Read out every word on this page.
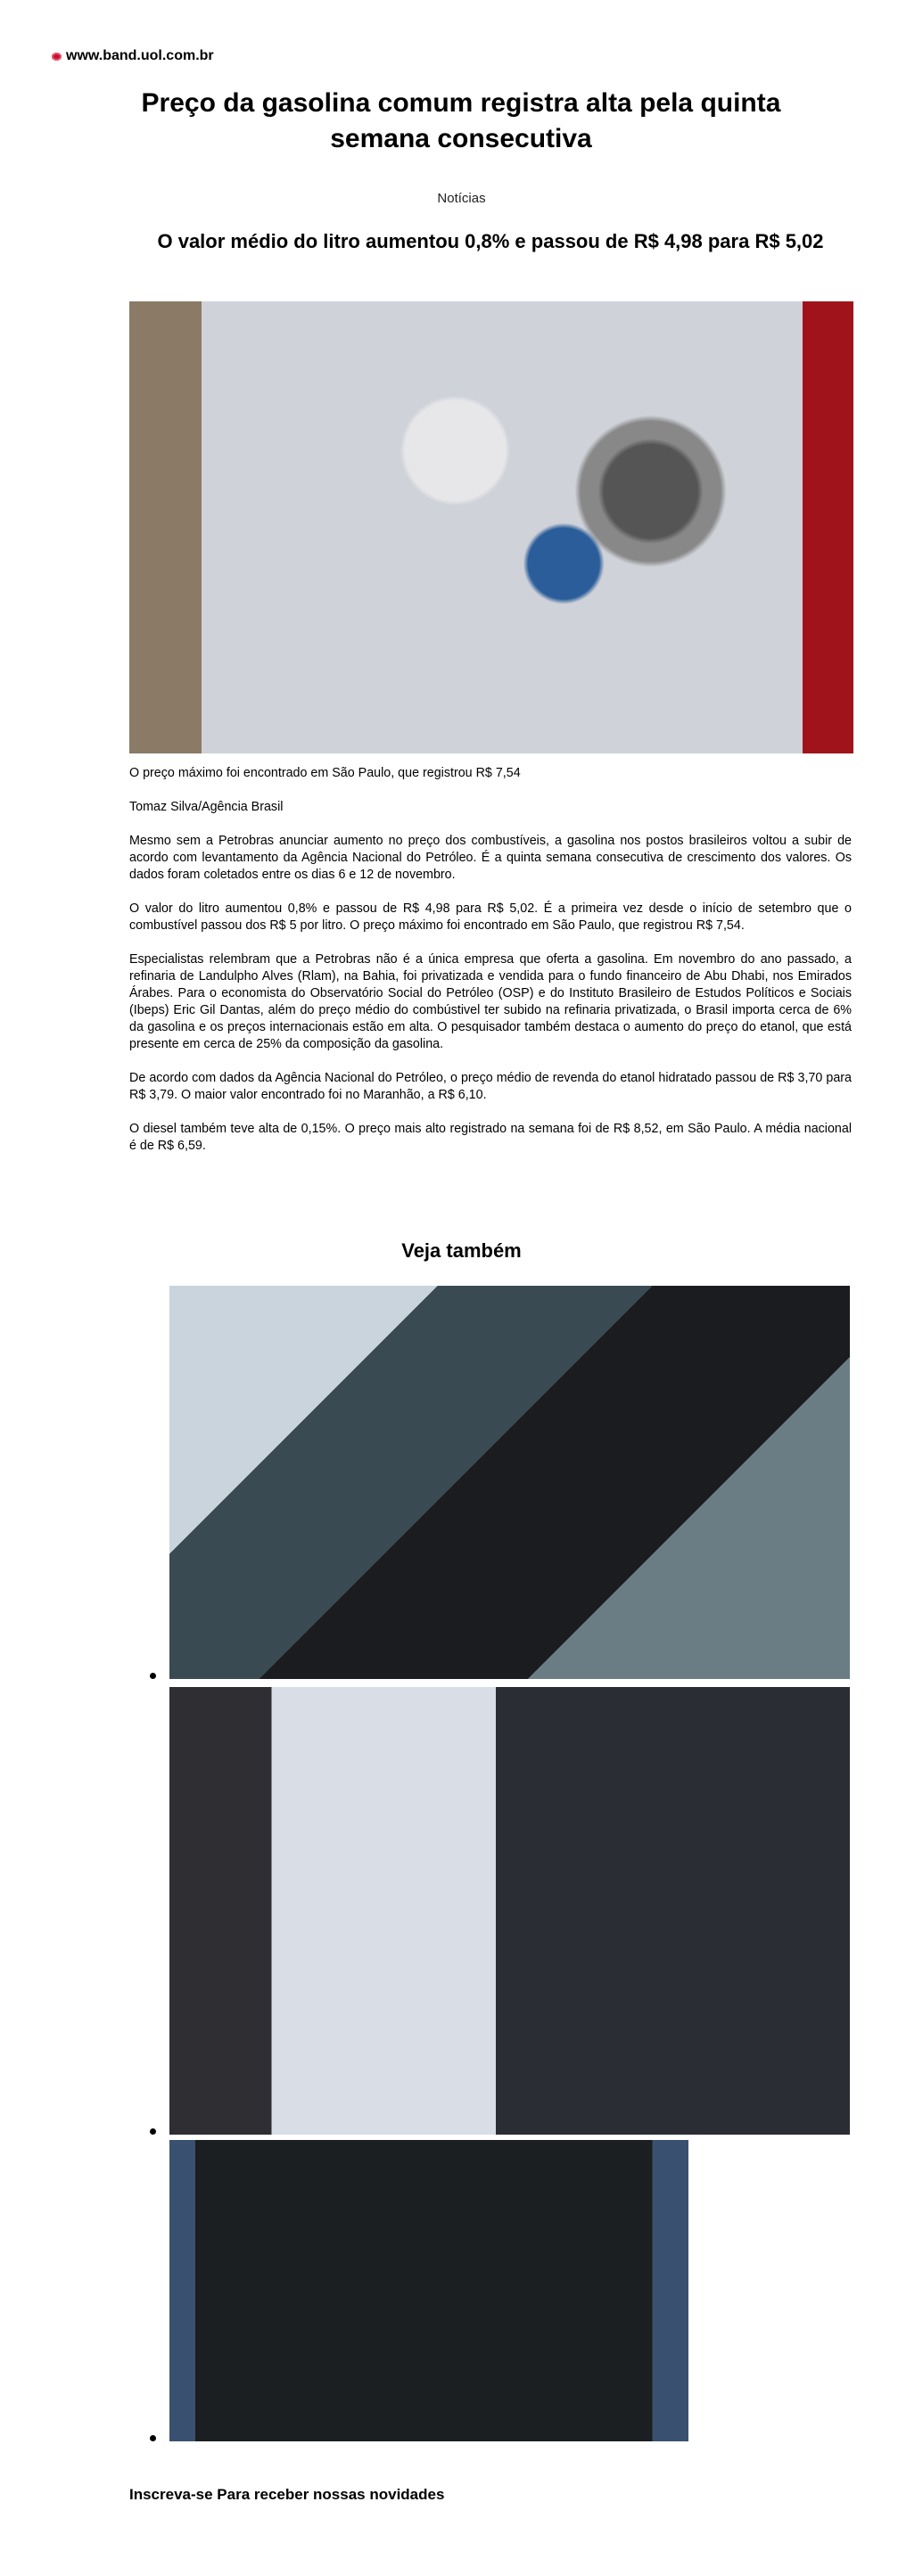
www.band.uol.com.br
Preço da gasolina comum registra alta pela quinta semana consecutiva
Notícias
O valor médio do litro aumentou 0,8% e passou de R$ 4,98 para R$ 5,02

O preço máximo foi encontrado em São Paulo, que registrou R$ 7,54

Tomaz Silva/Agência Brasil

Mesmo sem a Petrobras anunciar aumento no preço dos combustíveis, a gasolina nos postos brasileiros voltou a subir de acordo com levantamento da Agência Nacional do Petróleo. É a quinta semana consecutiva de crescimento dos valores. Os dados foram coletados entre os dias 6 e 12 de novembro.

O valor do litro aumentou 0,8% e passou de R$ 4,98 para R$ 5,02. É a primeira vez desde o início de setembro que o combustível passou dos R$ 5 por litro. O preço máximo foi encontrado em São Paulo, que registrou R$ 7,54.

Especialistas relembram que a Petrobras não é a única empresa que oferta a gasolina. Em novembro do ano passado, a refinaria de Landulpho Alves (Rlam), na Bahia, foi privatizada e vendida para o fundo financeiro de Abu Dhabi, nos Emirados Árabes. Para o economista do Observatório Social do Petróleo (OSP) e do Instituto Brasileiro de Estudos Políticos e Sociais (Ibeps) Eric Gil Dantas, além do preço médio do combústivel ter subido na refinaria privatizada, o Brasil importa cerca de 6% da gasolina e os preços internacionais estão em alta. O pesquisador também destaca o aumento do preço do etanol, que está presente em cerca de 25% da composição da gasolina.

De acordo com dados da Agência Nacional do Petróleo, o preço médio de revenda do etanol hidratado passou de R$ 3,70 para R$ 3,79. O maior valor encontrado foi no Maranhão, a R$ 6,10.

O diesel também teve alta de 0,15%. O preço mais alto registrado na semana foi de R$ 8,52, em São Paulo. A média nacional é de R$ 6,59.

Veja também
Inscreva-se Para receber nossas novidades
